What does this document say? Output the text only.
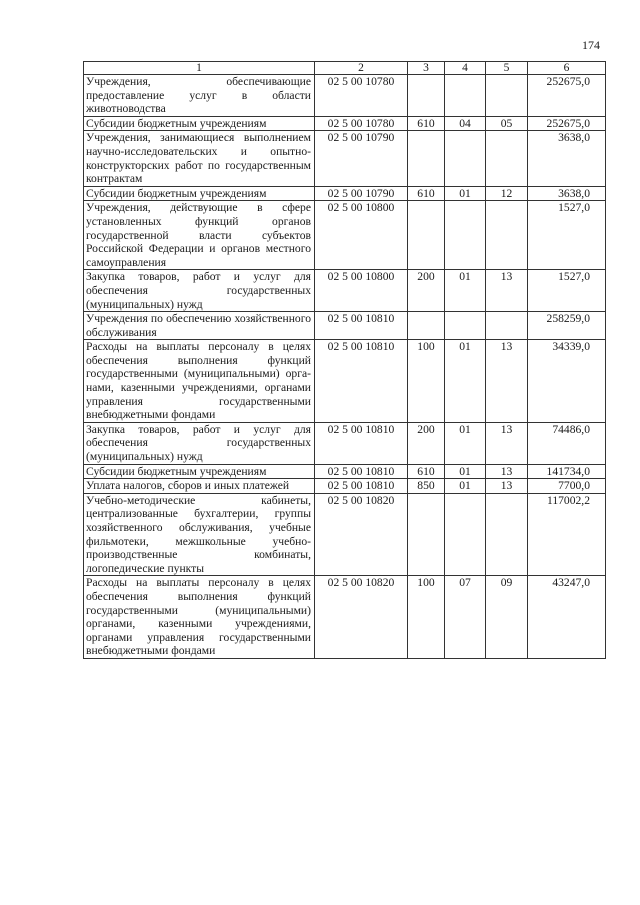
174
1	2	3	4	5	6
Учреждения, обеспечивающие предоставление услуг в области животноводства	02 5 00 10780				252675,0
Субсидии бюджетным учреждениям	02 5 00 10780	610	04	05	252675,0
Учреждения, занимающиеся выполнением научно-исследовательских и опытно-конструкторских работ по государственным контрактам	02 5 00 10790				3638,0
Субсидии бюджетным учреждениям	02 5 00 10790	610	01	12	3638,0
Учреждения, действующие в сфере установленных функций органов государственной власти субъектов Российской Федерации и органов местного самоуправления	02 5 00 10800				1527,0
Закупка товаров, работ и услуг для обеспечения государственных (муниципальных) нужд	02 5 00 10800	200	01	13	1527,0
Учреждения по обеспечению хозяйственного обслуживания	02 5 00 10810				258259,0
Расходы на выплаты персоналу в целях обеспечения выполнения функций государственными (муниципальными) органами, казенными учреждениями, органами управления государственными внебюджетными фондами	02 5 00 10810	100	01	13	34339,0
Закупка товаров, работ и услуг для обеспечения государственных (муниципальных) нужд	02 5 00 10810	200	01	13	74486,0
Субсидии бюджетным учреждениям	02 5 00 10810	610	01	13	141734,0
Уплата налогов, сборов и иных платежей	02 5 00 10810	850	01	13	7700,0
Учебно-методические кабинеты, централизованные бухгалтерии, группы хозяйственного обслуживания, учебные фильмотеки, межшкольные учебно-производственные комбинаты, логопедические пункты	02 5 00 10820				117002,2
Расходы на выплаты персоналу в целях обеспечения выполнения функций государственными (муниципальными) органами, казенными учреждениями, органами управления государственными внебюджетными фондами	02 5 00 10820	100	07	09	43247,0
